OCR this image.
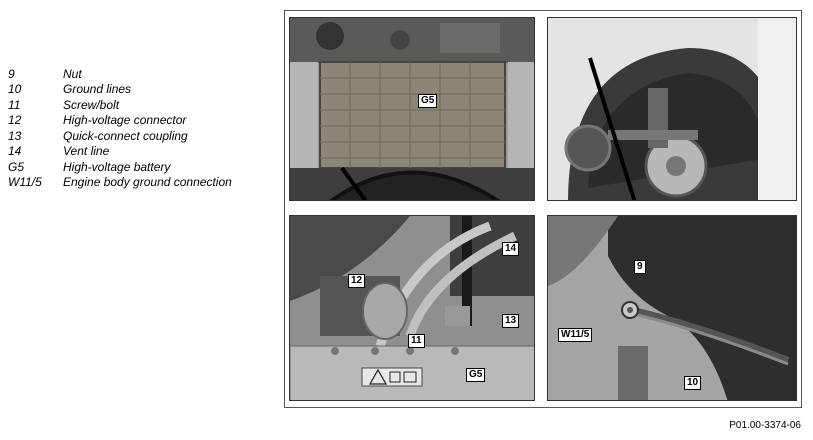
9	Nut
10	Ground lines
11	Screw/bolt
12	High-voltage connector
13	Quick-connect coupling
14	Vent line
G5	High-voltage battery
W11/5	Engine body ground connection
G5
14
12
13
11
G5
9
W11/5
10
P01.00-3374-06
